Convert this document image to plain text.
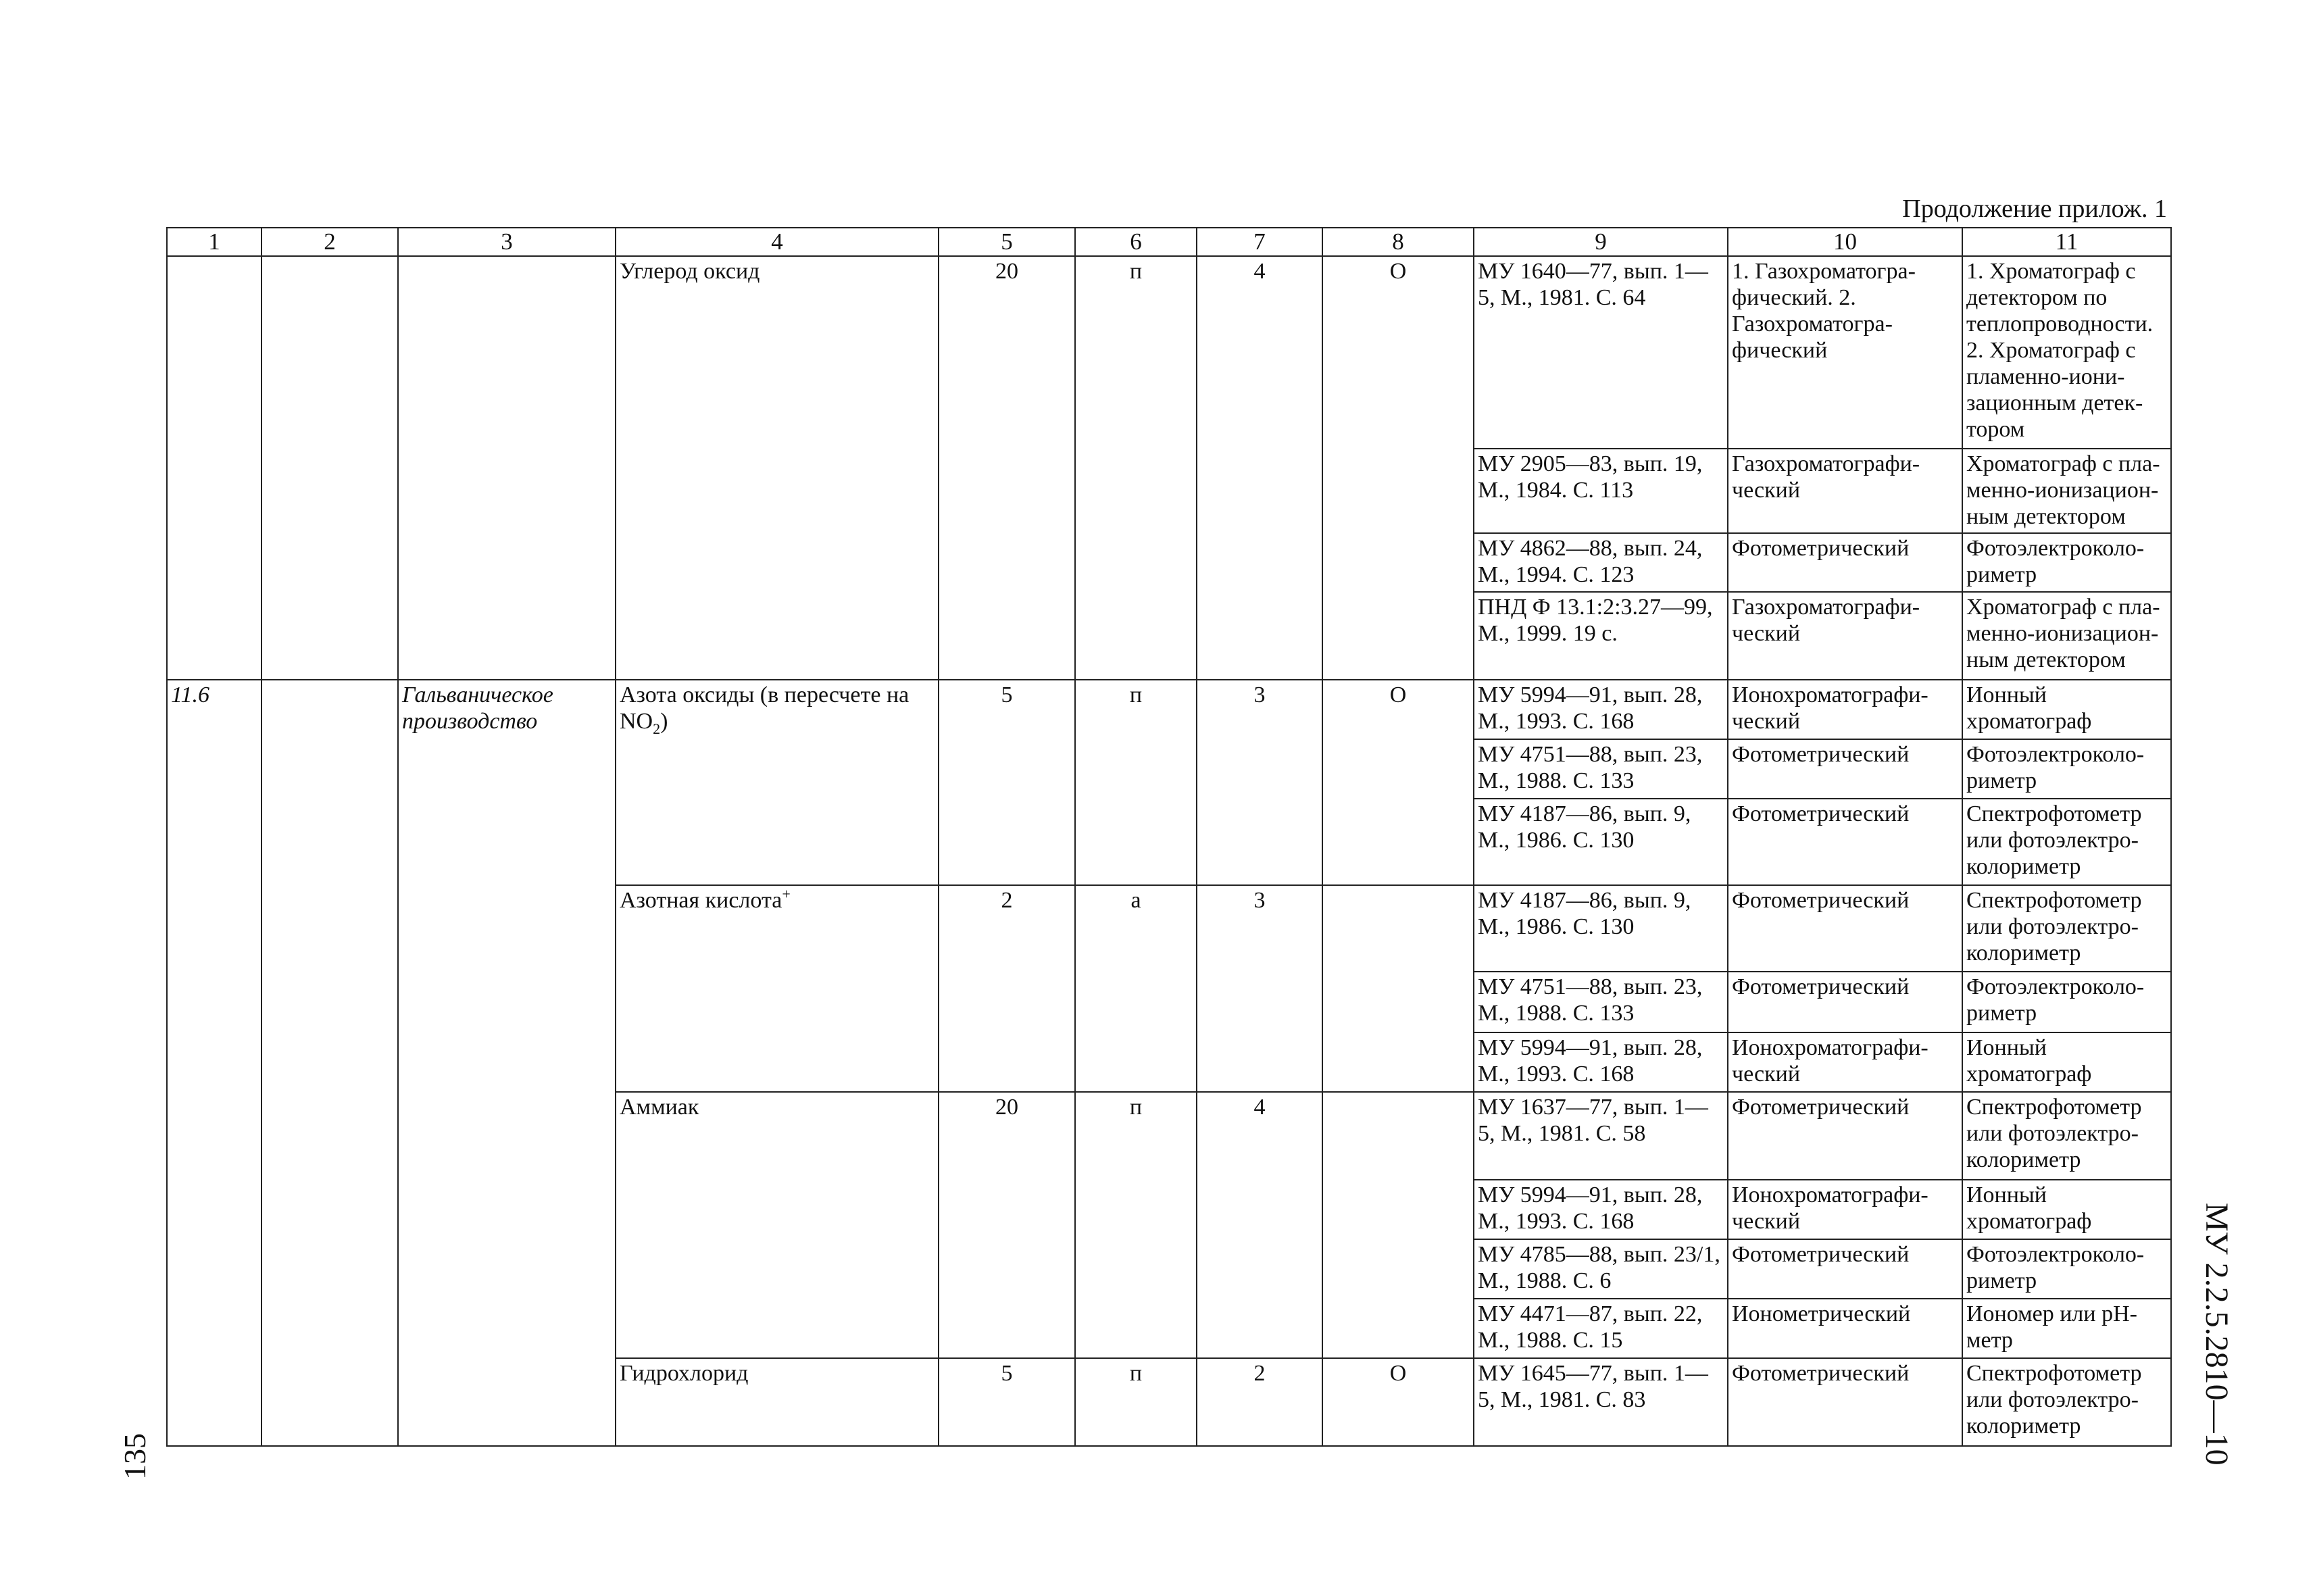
Продолжение прилож. 1
1	2	3	4	5	6	7	8	9	10	11
			Углерод оксид	20	п	4	О	МУ 1640—77, вып. 1—5, М., 1981. С. 64	1. Газохроматогра-фический. 2. Газохроматогра-фический	1. Хроматограф с детектором по теплопроводности. 2. Хроматограф с пламенно-иони-зационным детек-тором
								МУ 2905—83, вып. 19, М., 1984. С. 113	Газохроматографи-ческий	Хроматограф с пла-менно-ионизацион-ным детектором
								МУ 4862—88, вып. 24, М., 1994. С. 123	Фотометрический	Фотоэлектроколо-риметр
								ПНД Ф 13.1:2:3.27—99, М., 1999. 19 с.	Газохроматографи-ческий	Хроматограф с пла-менно-ионизацион-ным детектором
11.6		Гальваническое производство	Азота оксиды (в пересчете на $NO_2$)	5	п	3	О	МУ 5994—91, вып. 28, М., 1993. С. 168	Ионохроматографи-ческий	Ионный хроматограф
								МУ 4751—88, вып. 23, М., 1988. С. 133	Фотометрический	Фотоэлектроколо-риметр
								МУ 4187—86, вып. 9, М., 1986. С. 130	Фотометрический	Спектрофотометр или фотоэлектро-колориметр
			Азотная кислота+	2	а	3		МУ 4187—86, вып. 9, М., 1986. С. 130	Фотометрический	Спектрофотометр или фотоэлектро-колориметр
								МУ 4751—88, вып. 23, М., 1988. С. 133	Фотометрический	Фотоэлектроколо-риметр
								МУ 5994—91, вып. 28, М., 1993. С. 168	Ионохроматографи-ческий	Ионный хроматограф
			Аммиак	20	п	4		МУ 1637—77, вып. 1—5, М., 1981. С. 58	Фотометрический	Спектрофотометр или фотоэлектро-колориметр
								МУ 5994—91, вып. 28, М., 1993. С. 168	Ионохроматографи-ческий	Ионный хроматограф
								МУ 4785—88, вып. 23/1, М., 1988. С. 6	Фотометрический	Фотоэлектроколо-риметр
								МУ 4471—87, вып. 22, М., 1988. С. 15	Ионометрический	Иономер или рН-метр
			Гидрохлорид	5	п	2	О	МУ 1645—77, вып. 1—5, М., 1981. С. 83	Фотометрический	Спектрофотометр или фотоэлектро-колориметр	МУ 2.2.5.2810—10
135
